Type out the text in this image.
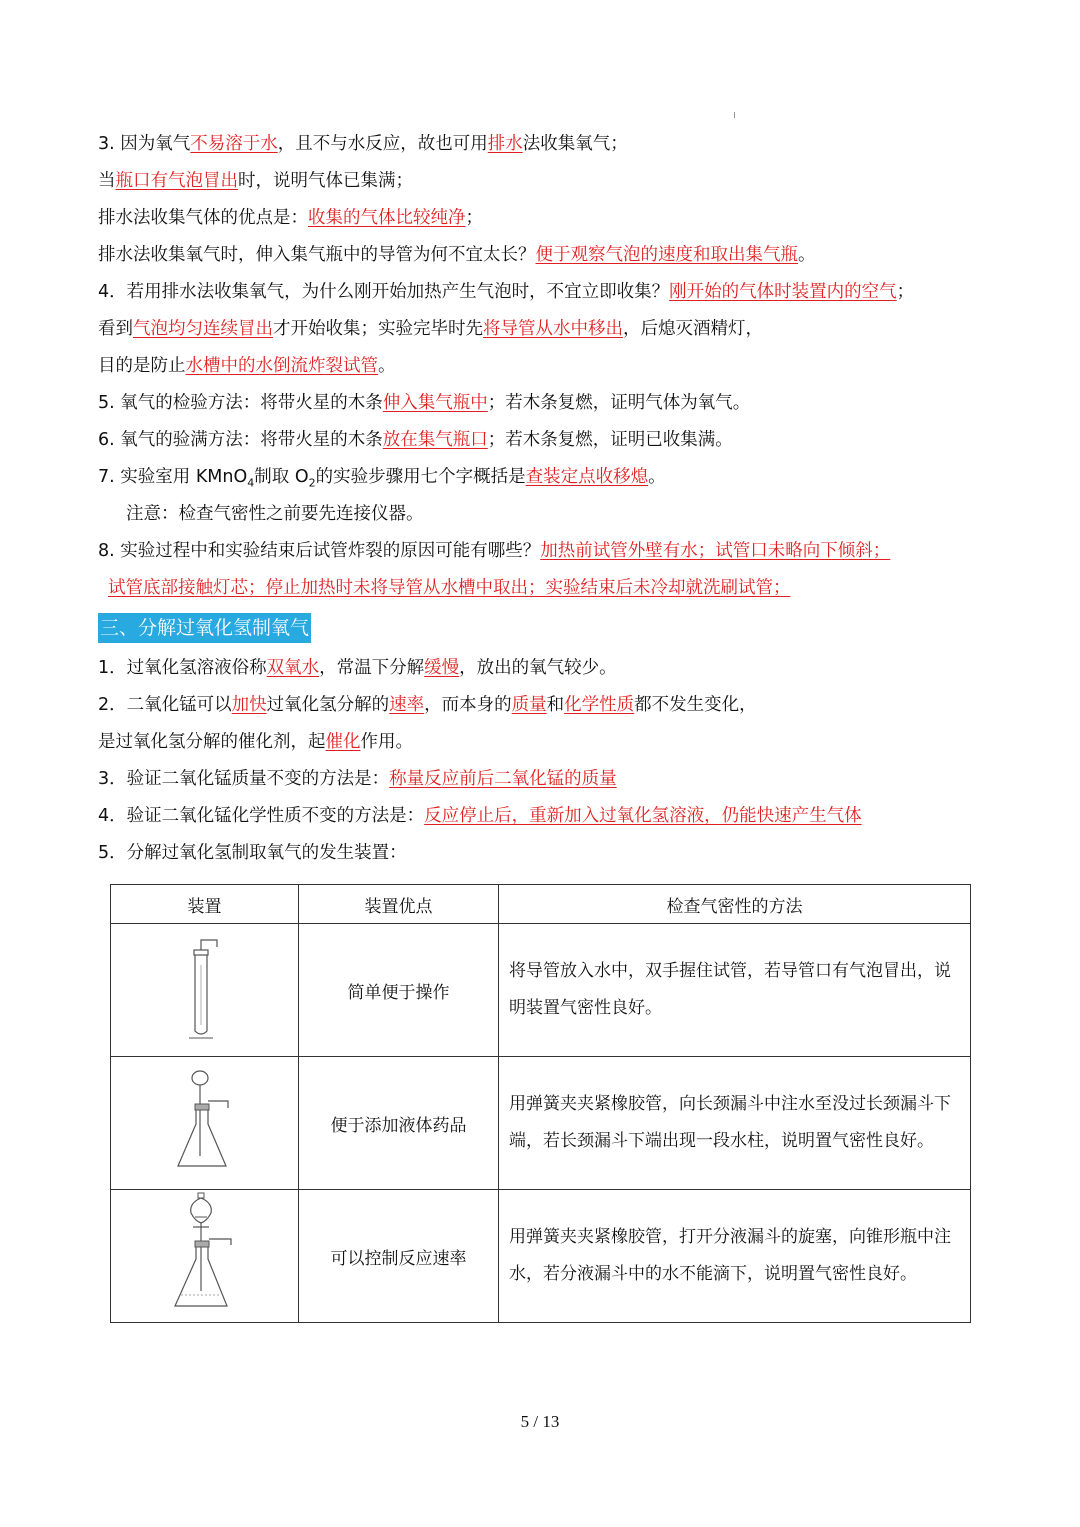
3. 因为氧气不易溶于水，且不与水反应，故也可用排水法收集氧气；
当瓶口有气泡冒出时，说明气体已集满；
排水法收集气体的优点是：收集的气体比较纯净；
排水法收集氧气时，伸入集气瓶中的导管为何不宜太长？便于观察气泡的速度和取出集气瓶。
4．若用排水法收集氧气，为什么刚开始加热产生气泡时，不宜立即收集？刚开始的气体时装置内的空气；
看到气泡均匀连续冒出才开始收集；实验完毕时先将导管从水中移出，后熄灭酒精灯，
目的是防止水槽中的水倒流炸裂试管。
5. 氧气的检验方法：将带火星的木条伸入集气瓶中；若木条复燃，证明气体为氧气。
6. 氧气的验满方法：将带火星的木条放在集气瓶口；若木条复燃，证明已收集满。
7. 实验室用 KMnO$_4$制取 $O_2$的实验步骤用七个字概括是查装定点收移熄。
注意：检查气密性之前要先连接仪器。
8. 实验过程中和实验结束后试管炸裂的原因可能有哪些？加热前试管外壁有水；试管口未略向下倾斜；
试管底部接触灯芯；停止加热时未将导管从水槽中取出；实验结束后未冷却就洗刷试管；
三、分解过氧化氢制氧气
1．过氧化氢溶液俗称双氧水，常温下分解缓慢，放出的氧气较少。
2．二氧化锰可以加快过氧化氢分解的速率，而本身的质量和化学性质都不发生变化，
是过氧化氢分解的催化剂，起催化作用。
3．验证二氧化锰质量不变的方法是：称量反应前后二氧化锰的质量
4．验证二氧化锰化学性质不变的方法是：反应停止后，重新加入过氧化氢溶液，仍能快速产生气体
5．分解过氧化氢制取氧气的发生装置：
装置	装置优点	检查气密性的方法
	简单便于操作	将导管放入水中，双手握住试管，若导管口有气泡冒出，说明装置气密性良好。
	便于添加液体药品	用弹簧夹夹紧橡胶管，向长颈漏斗中注水至没过长颈漏斗下端，若长颈漏斗下端出现一段水柱，说明置气密性良好。
	可以控制反应速率	用弹簧夹夹紧橡胶管，打开分液漏斗的旋塞，向锥形瓶中注水，若分液漏斗中的水不能滴下，说明置气密性良好。
5 / 13
